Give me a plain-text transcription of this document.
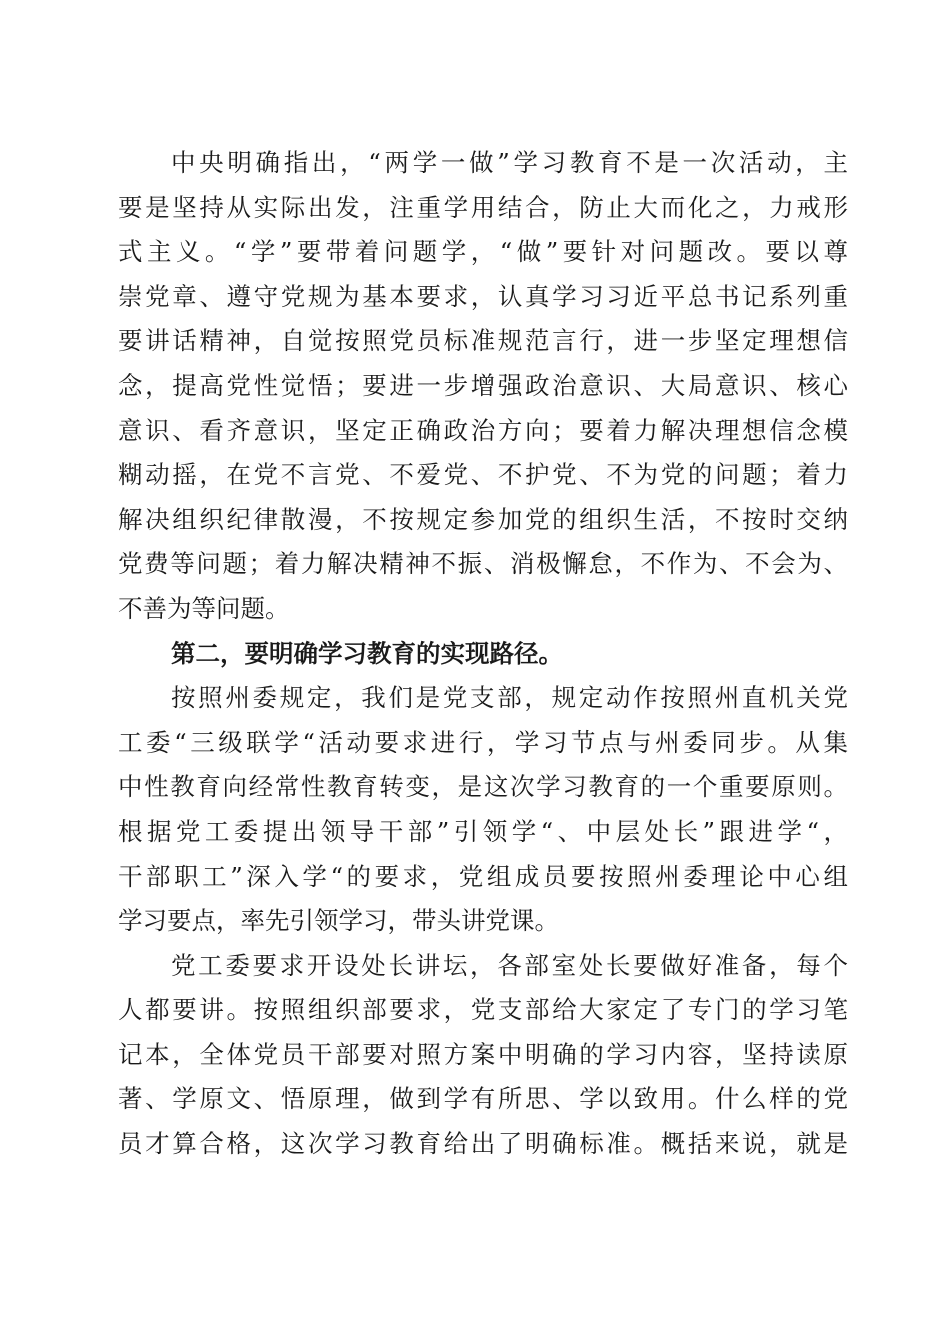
中央明确指出，“两学一做”学习教育不是一次活动，主
要是坚持从实际出发，注重学用结合，防止大而化之，力戒形
式主义。“学”要带着问题学，“做”要针对问题改。要以尊
崇党章、遵守党规为基本要求，认真学习习近平总书记系列重
要讲话精神，自觉按照党员标准规范言行，进一步坚定理想信
念，提高党性觉悟；要进一步增强政治意识、大局意识、核心
意识、看齐意识，坚定正确政治方向；要着力解决理想信念模
糊动摇，在党不言党、不爱党、不护党、不为党的问题；着力
解决组织纪律散漫，不按规定参加党的组织生活，不按时交纳
党费等问题；着力解决精神不振、消极懈怠，不作为、不会为、
不善为等问题。
第二，要明确学习教育的实现路径。
按照州委规定，我们是党支部，规定动作按照州直机关党
工委“三级联学“活动要求进行，学习节点与州委同步。从集
中性教育向经常性教育转变，是这次学习教育的一个重要原则。
根据党工委提出领导干部”引领学“、中层处长”跟进学“，
干部职工”深入学“的要求，党组成员要按照州委理论中心组
学习要点，率先引领学习，带头讲党课。
党工委要求开设处长讲坛，各部室处长要做好准备，每个
人都要讲。按照组织部要求，党支部给大家定了专门的学习笔
记本，全体党员干部要对照方案中明确的学习内容，坚持读原
著、学原文、悟原理，做到学有所思、学以致用。什么样的党
员才算合格，这次学习教育给出了明确标准。概括来说，就是
